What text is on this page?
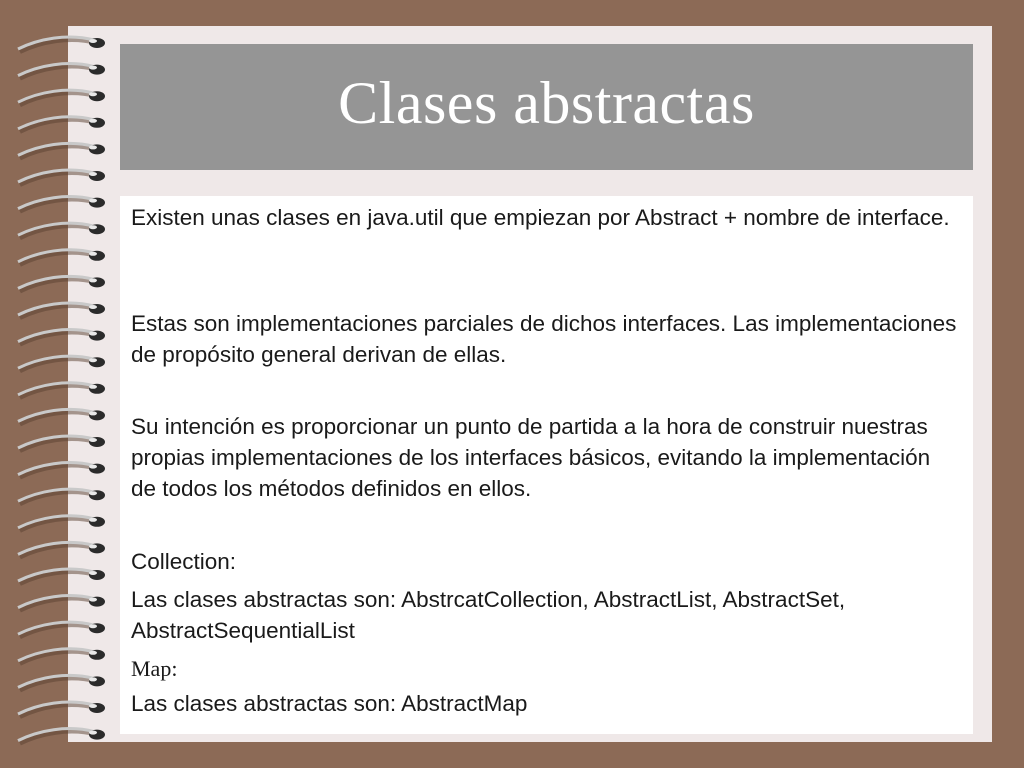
Clases abstractas
Existen unas clases en java.util que empiezan por Abstract + nombre de interface.
Estas son implementaciones parciales de dichos interfaces. Las implementaciones de propósito general derivan de ellas.
Su intención es proporcionar un punto de partida a la hora de construir nuestras propias implementaciones de los interfaces básicos, evitando la implementación de todos los métodos definidos en ellos.
Collection:
Las clases abstractas son: AbstrcatCollection, AbstractList, AbstractSet, AbstractSequentialList
Map:
Las clases abstractas son: AbstractMap
